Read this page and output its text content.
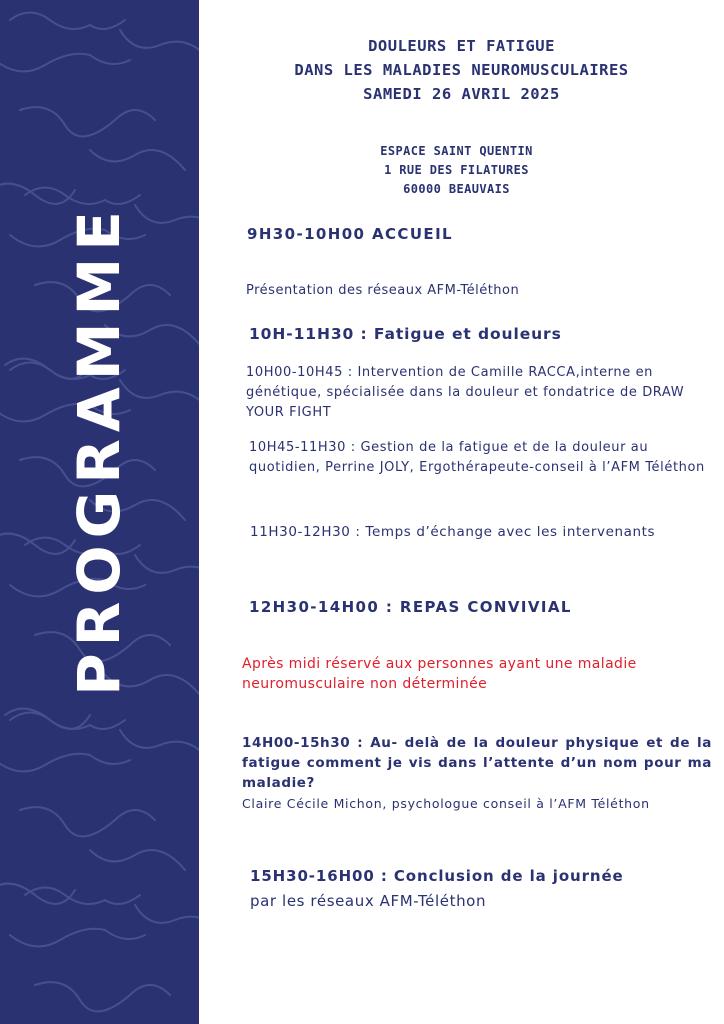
PROGRAMME
DOULEURS ET FATIGUE
DANS LES MALADIES NEUROMUSCULAIRES
SAMEDI 26 AVRIL 2025
ESPACE SAINT QUENTIN
1 RUE DES FILATURES
60000 BEAUVAIS
9H30-10H00 ACCUEIL
Présentation des réseaux AFM-Téléthon
10H-11H30 : Fatigue et douleurs
10H00-10H45 : Intervention de Camille RACCA,interne en génétique, spécialisée dans la douleur et fondatrice de DRAW YOUR FIGHT
10H45-11H30 : Gestion de la fatigue et de la douleur au quotidien, Perrine JOLY, Ergothérapeute-conseil à l’AFM Téléthon
11H30-12H30 : Temps d’échange avec les intervenants
12H30-14H00 : REPAS CONVIVIAL
Après midi réservé aux personnes ayant une maladie neuromusculaire non déterminée
14H00-15h30 : Au- delà de la douleur physique et de la fatigue comment je vis dans l’attente d’un nom pour ma maladie?
Claire Cécile Michon, psychologue conseil à l’AFM Téléthon
15H30-16H00 : Conclusion de la journée
par les réseaux AFM-Téléthon
